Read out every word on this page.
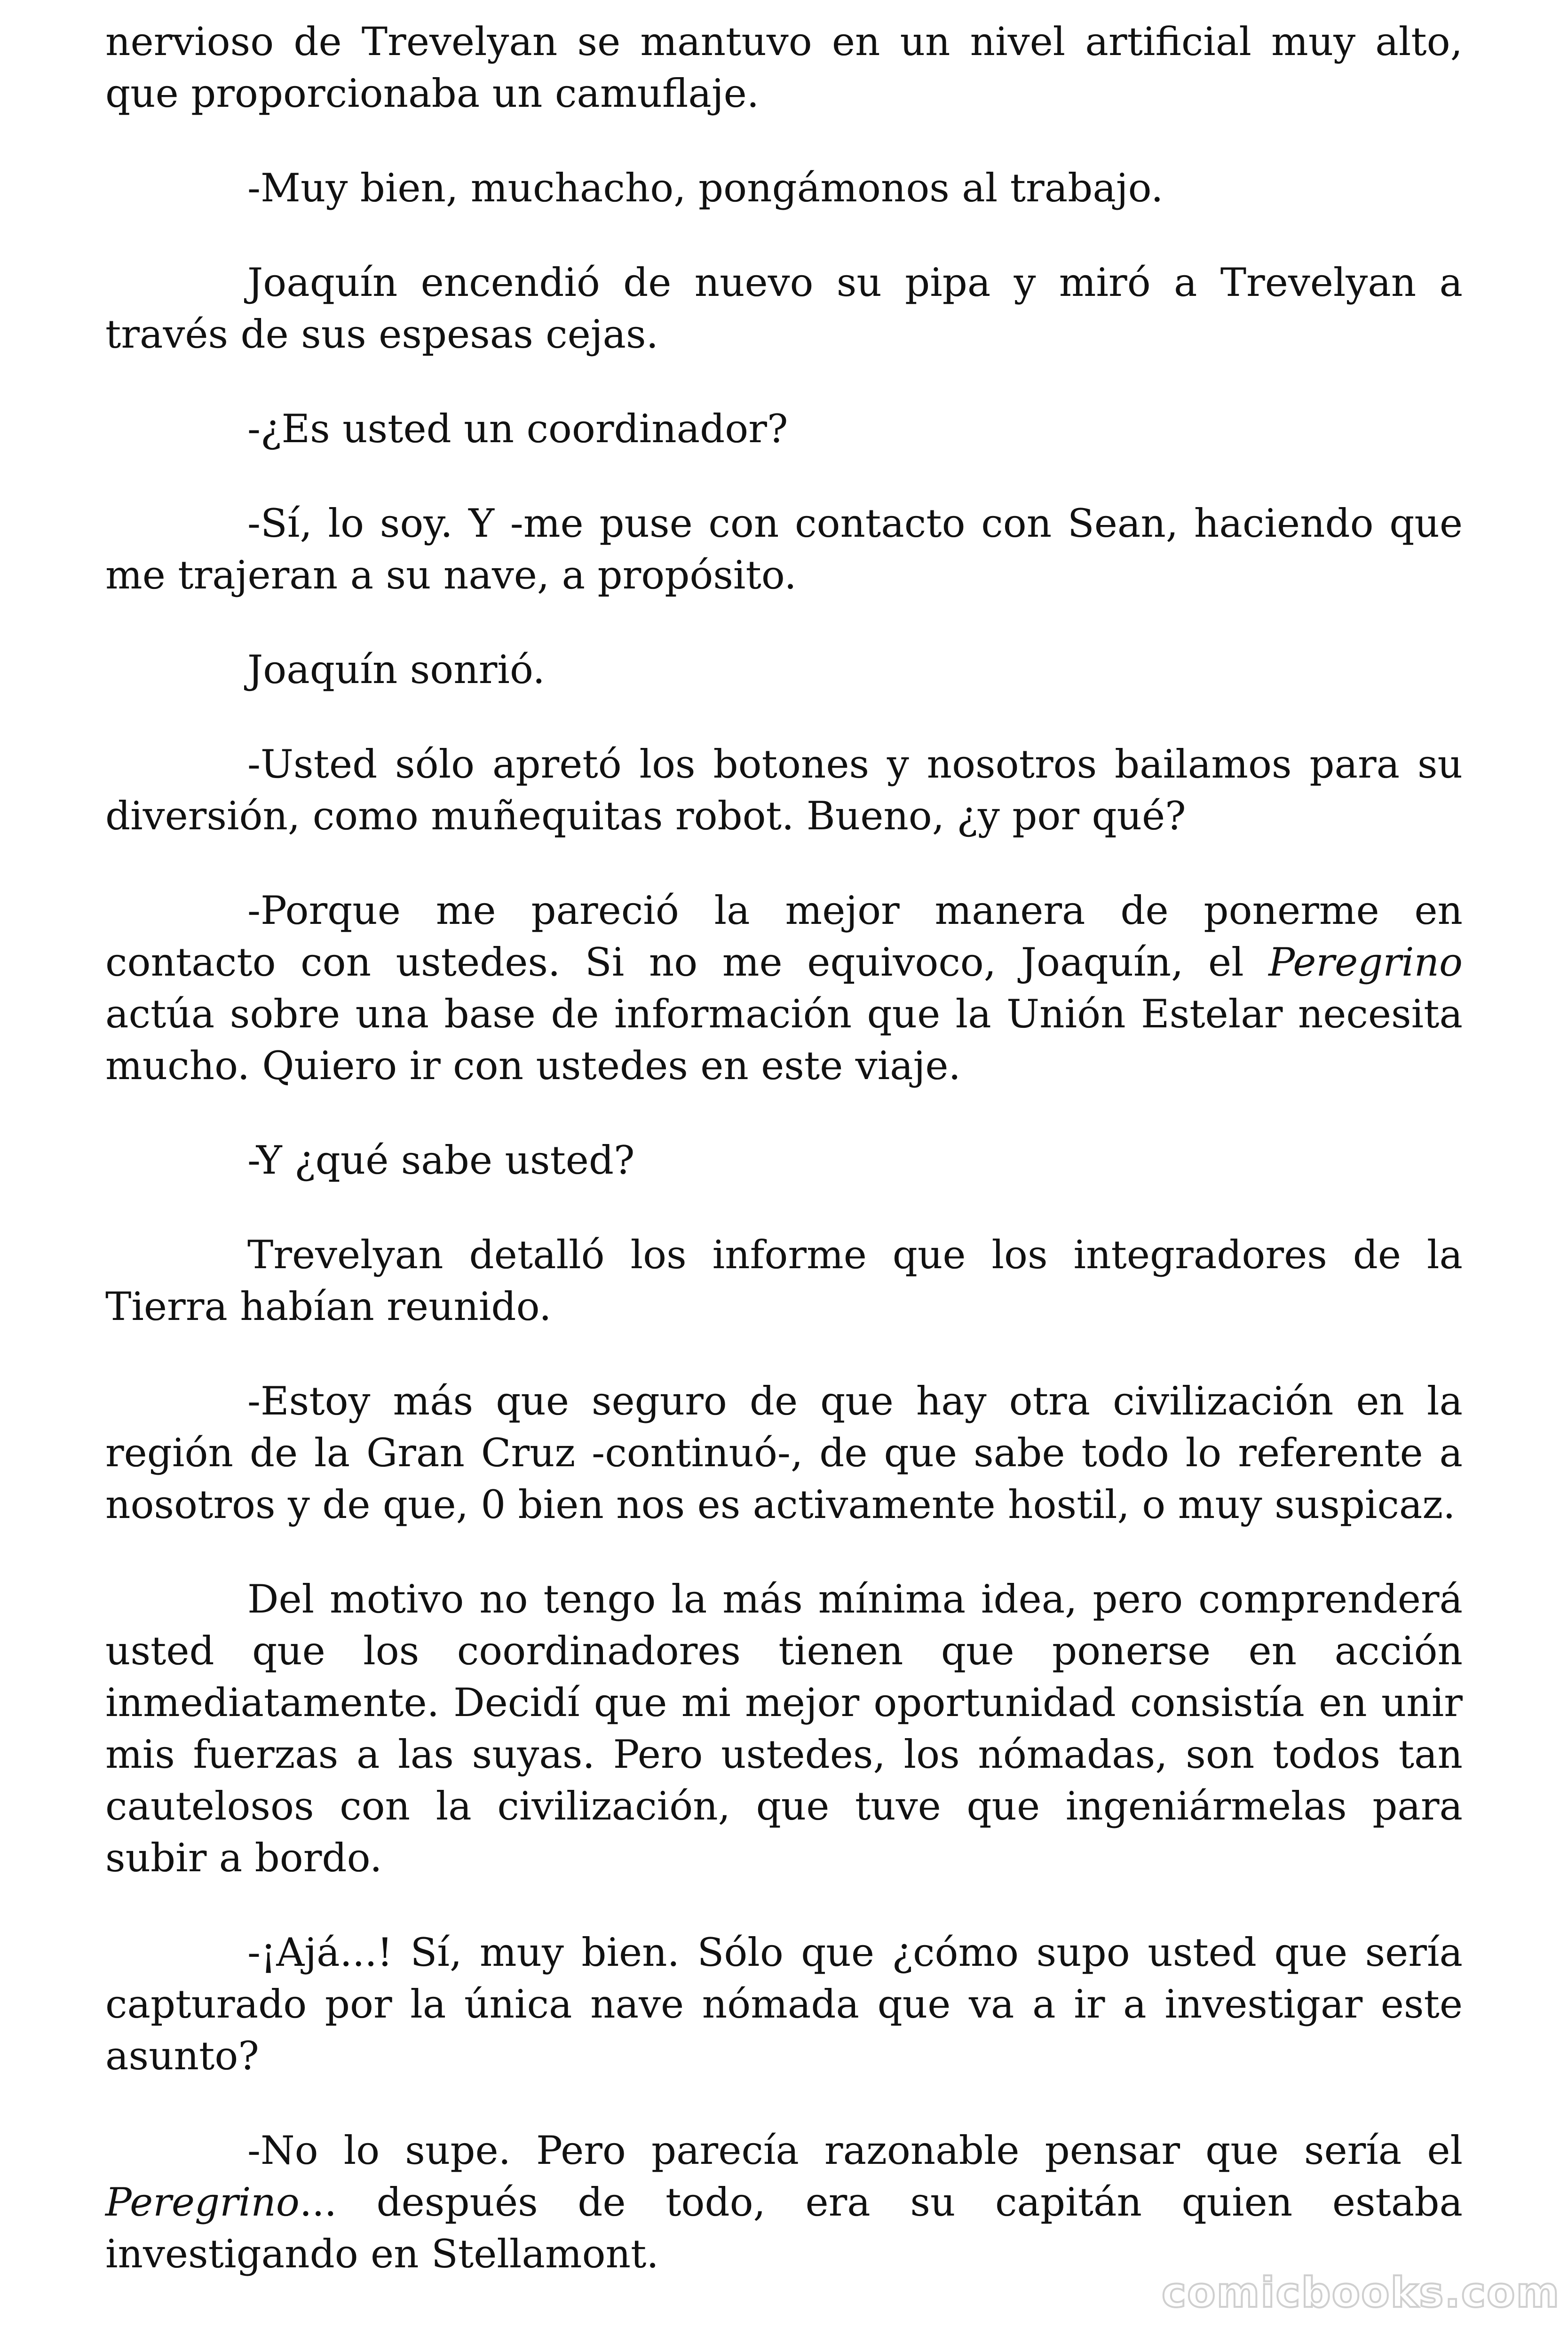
nervioso de Trevelyan se mantuvo en un nivel artificial muy alto, que proporcionaba un camuflaje.

-Muy bien, muchacho, pongámonos al trabajo.

Joaquín encendió de nuevo su pipa y miró a Trevelyan a través de sus espesas cejas.

-¿Es usted un coordinador?

-Sí, lo soy. Y -me puse con contacto con Sean, haciendo que me trajeran a su nave, a propósito.

Joaquín sonrió.

-Usted sólo apretó los botones y nosotros bailamos para su diversión, como muñequitas robot. Bueno, ¿y por qué?

-Porque me pareció la mejor manera de ponerme en contacto con ustedes. Si no me equivoco, Joaquín, el Peregrino actúa sobre una base de información que la Unión Estelar necesita mucho. Quiero ir con ustedes en este viaje.

-Y ¿qué sabe usted?

Trevelyan detalló los informe que los integradores de la Tierra habían reunido.

-Estoy más que seguro de que hay otra civilización en la región de la Gran Cruz -continuó-, de que sabe todo lo referente a nosotros y de que, 0 bien nos es activamente hostil, o muy suspicaz.

Del motivo no tengo la más mínima idea, pero comprenderá usted que los coordinadores tienen que ponerse en acción inmediatamente. Decidí que mi mejor oportunidad consistía en unir mis fuerzas a las suyas. Pero ustedes, los nómadas, son todos tan cautelosos con la civilización, que tuve que ingeniármelas para subir a bordo.

-¡Ajá...! Sí, muy bien. Sólo que ¿cómo supo usted que sería capturado por la única nave nómada que va a ir a investigar este asunto?

-No lo supe. Pero parecía razonable pensar que sería el Peregrino... después de todo, era su capitán quien estaba investigando en Stellamont.

comicbooks.com
